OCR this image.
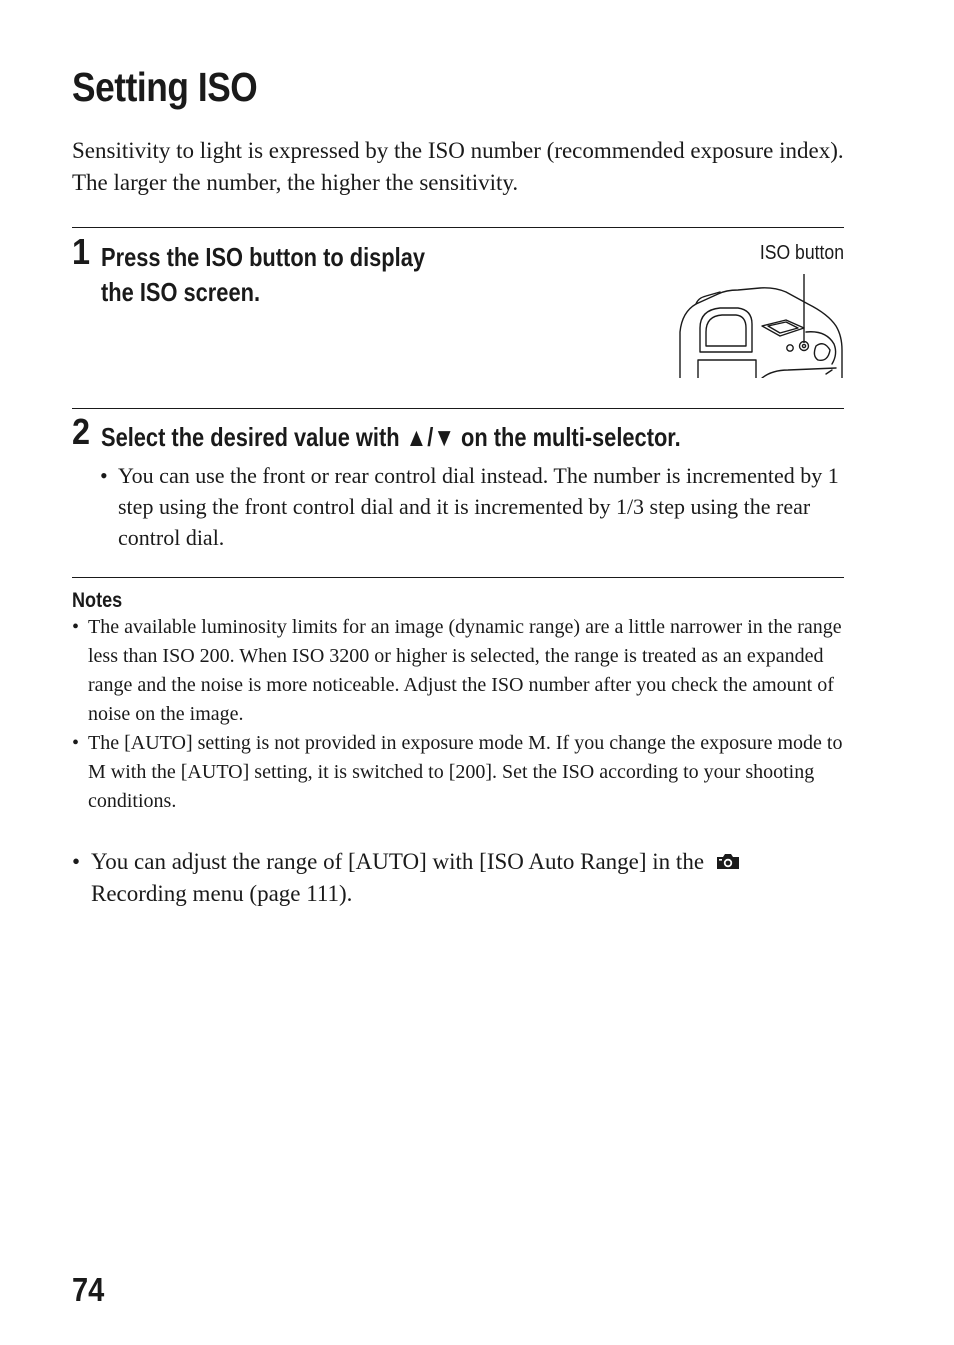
Setting ISO

Sensitivity to light is expressed by the ISO number (recommended exposure index). The larger the number, the higher the sensitivity.

1 Press the ISO button to display
the ISO screen.
ISO button
2 Select the desired value with ▲/▼ on the multi-selector.
• You can use the front or rear control dial instead. The number is incremented by 1 step using the front control dial and it is incremented by 1/3 step using the rear control dial.
Notes
• The available luminosity limits for an image (dynamic range) are a little narrower in the range less than ISO 200. When ISO 3200 or higher is selected, the range is treated as an expanded range and the noise is more noticeable. Adjust the ISO number after you check the amount of noise on the image.
• The [AUTO] setting is not provided in exposure mode M. If you change the exposure mode to M with the [AUTO] setting, it is switched to [200]. Set the ISO according to your shooting conditions.
• You can adjust the range of [AUTO] with [ISO Auto Range] in the
Recording menu (page 111).
74
